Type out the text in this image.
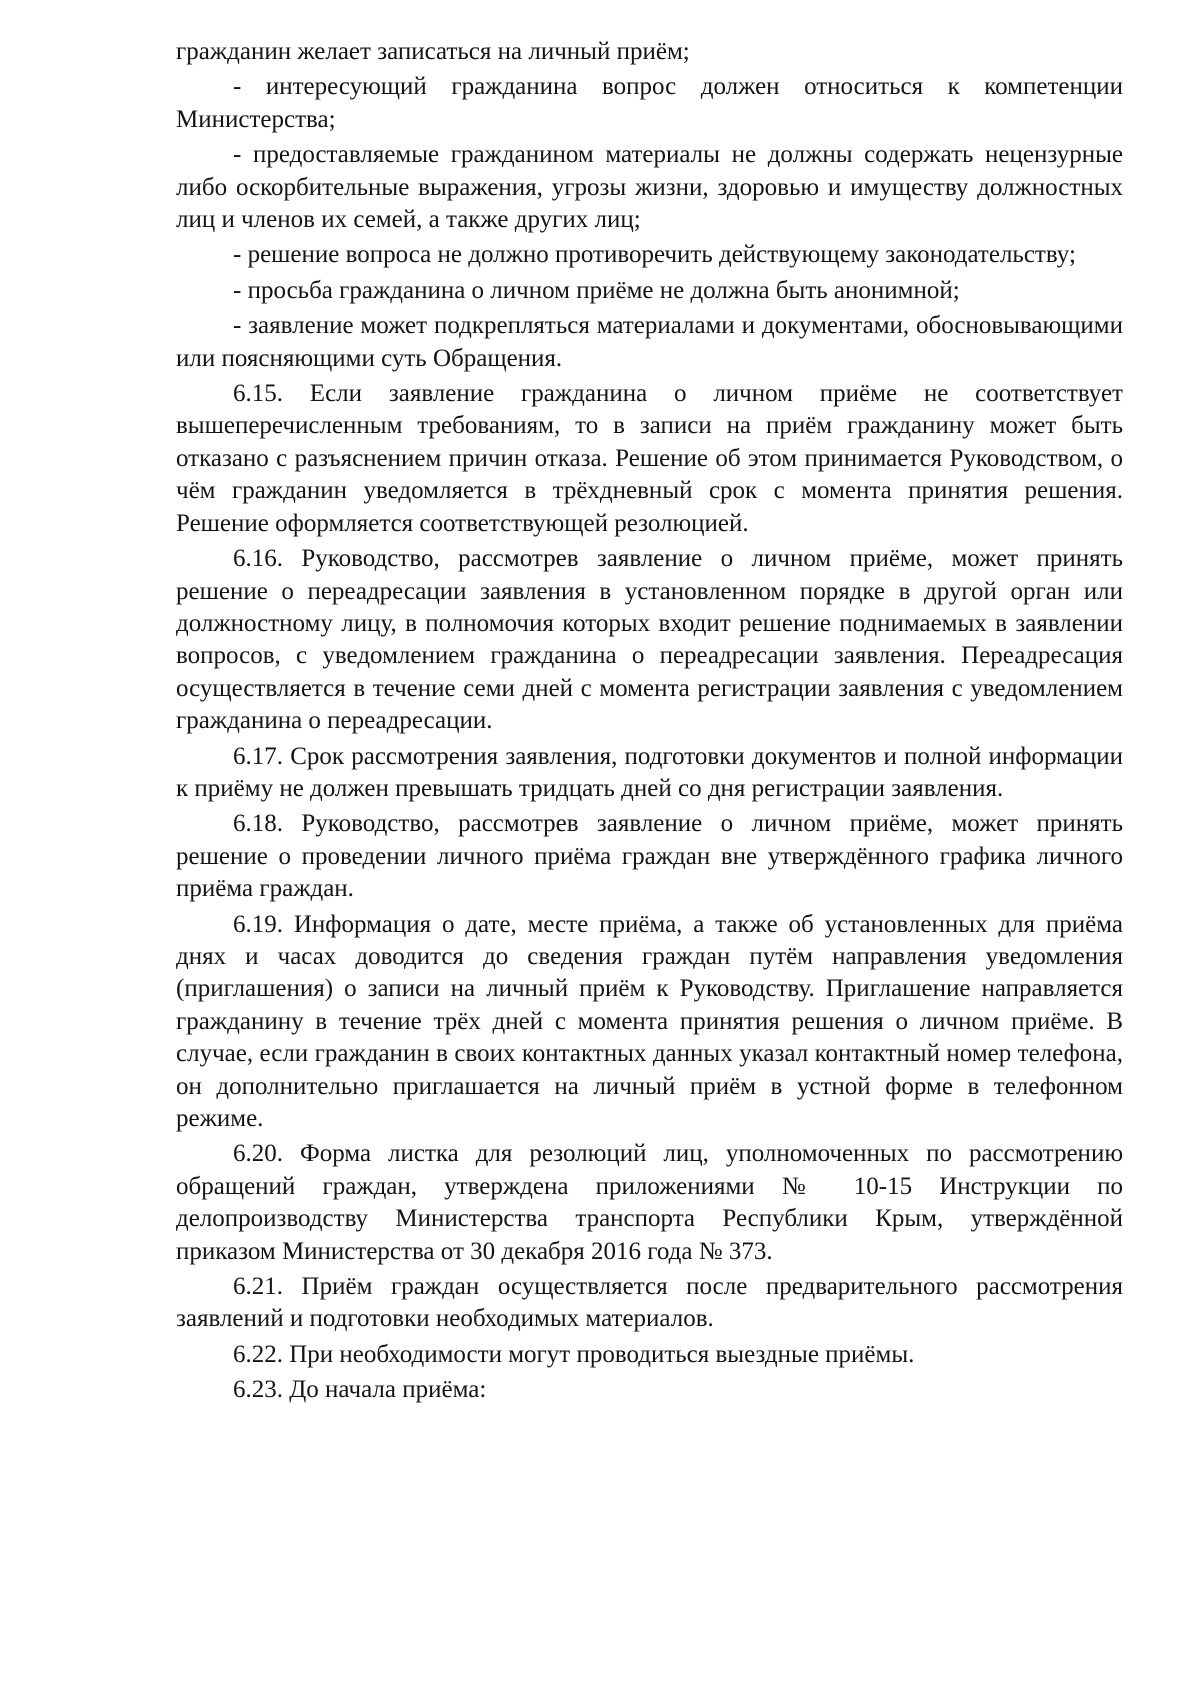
гражданин желает записаться на личный приём;

- интересующий гражданина вопрос должен относиться к компетенции Министерства;

- предоставляемые гражданином материалы не должны содержать нецензурные либо оскорбительные выражения, угрозы жизни, здоровью и имуществу должностных лиц и членов их семей, а также других лиц;

- решение вопроса не должно противоречить действующему законодательству;

- просьба гражданина о личном приёме не должна быть анонимной;

- заявление может подкрепляться материалами и документами, обосновывающими или поясняющими суть Обращения.

6.15. Если заявление гражданина о личном приёме не соответствует вышеперечисленным требованиям, то в записи на приём гражданину может быть отказано с разъяснением причин отказа. Решение об этом принимается Руководством, о чём гражданин уведомляется в трёхдневный срок с момента принятия решения. Решение оформляется соответствующей резолюцией.

6.16. Руководство, рассмотрев заявление о личном приёме, может принять решение о переадресации заявления в установленном порядке в другой орган или должностному лицу, в полномочия которых входит решение поднимаемых в заявлении вопросов, с уведомлением гражданина о переадресации заявления. Переадресация осуществляется в течение семи дней с момента регистрации заявления с уведомлением гражданина о переадресации.

6.17. Срок рассмотрения заявления, подготовки документов и полной информации к приёму не должен превышать тридцать дней со дня регистрации заявления.

6.18. Руководство, рассмотрев заявление о личном приёме, может принять решение о проведении личного приёма граждан вне утверждённого графика личного приёма граждан.

6.19. Информация о дате, месте приёма, а также об установленных для приёма днях и часах доводится до сведения граждан путём направления уведомления (приглашения) о записи на личный приём к Руководству. Приглашение направляется гражданину в течение трёх дней с момента принятия решения о личном приёме. В случае, если гражданин в своих контактных данных указал контактный номер телефона, он дополнительно приглашается на личный приём в устной форме в телефонном режиме.

6.20. Форма листка для резолюций лиц, уполномоченных по рассмотрению обращений граждан, утверждена приложениями № 10-15 Инструкции по делопроизводству Министерства транспорта Республики Крым, утверждённой приказом Министерства от 30 декабря 2016 года № 373.

6.21. Приём граждан осуществляется после предварительного рассмотрения заявлений и подготовки необходимых материалов.

6.22. При необходимости могут проводиться выездные приёмы.

6.23. До начала приёма:
